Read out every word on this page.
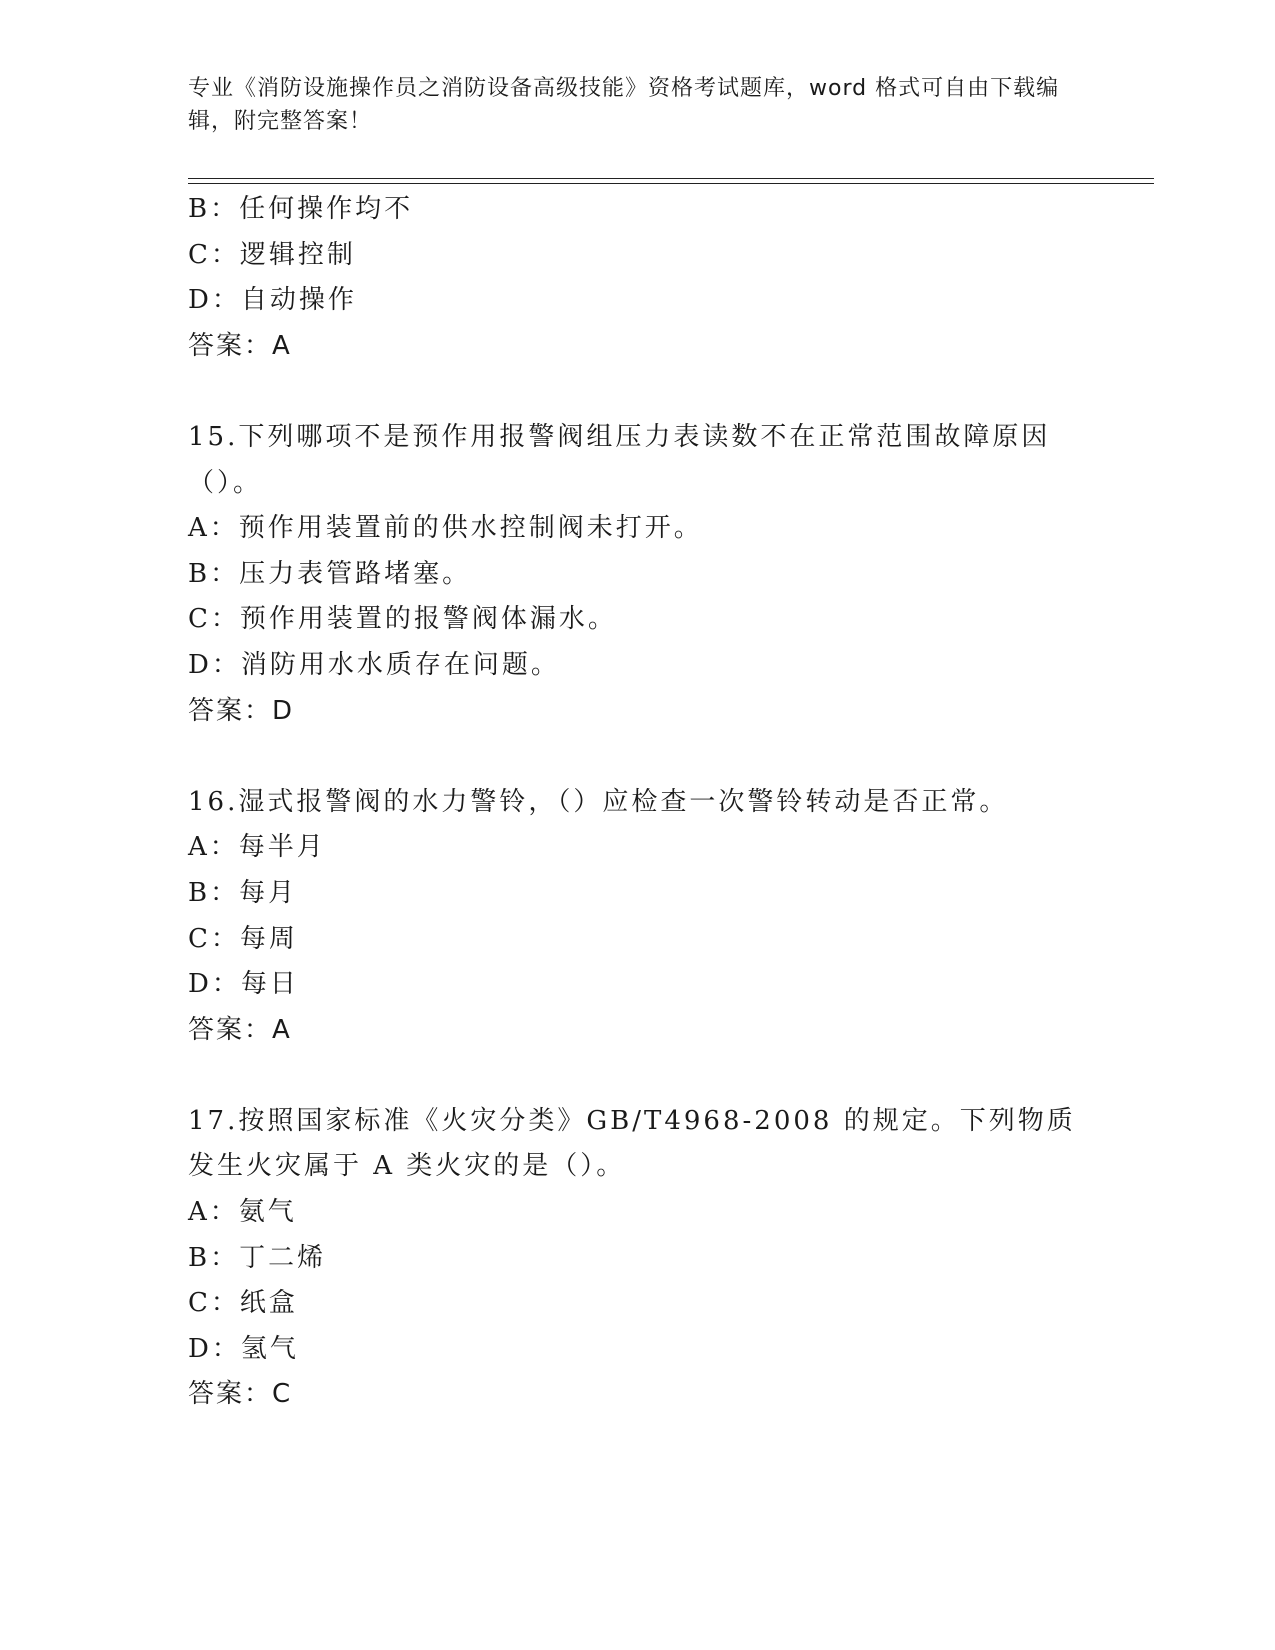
专业《消防设施操作员之消防设备高级技能》资格考试题库，word 格式可自由下载编辑，附完整答案！
B：任何操作均不
C：逻辑控制
D：自动操作
答案：A
15.下列哪项不是预作用报警阀组压力表读数不在正常范围故障原因（）。
A：预作用装置前的供水控制阀未打开。
B：压力表管路堵塞。
C：预作用装置的报警阀体漏水。
D：消防用水水质存在问题。
答案：D
16.湿式报警阀的水力警铃，（）应检查一次警铃转动是否正常。
A：每半月
B：每月
C：每周
D：每日
答案：A
17.按照国家标准《火灾分类》GB/T4968-2008 的规定。下列物质发生火灾属于 A 类火灾的是（）。
A：氨气
B：丁二烯
C：纸盒
D：氢气
答案：C
